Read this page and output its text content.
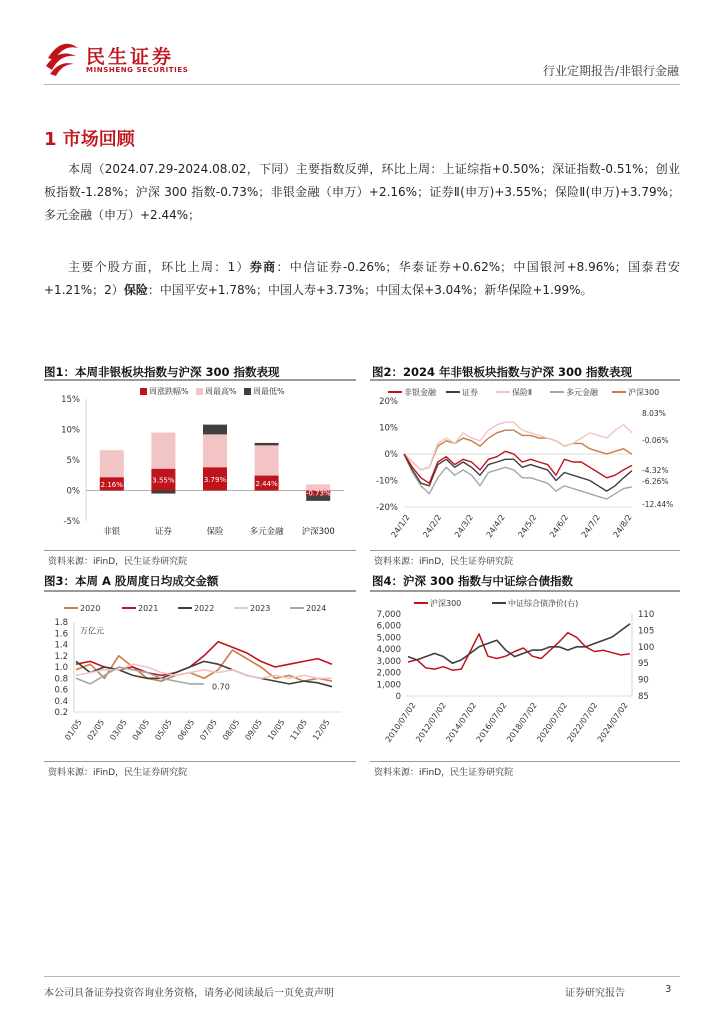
民生证券
MINSHENG SECURITIES	行业定期报告/非银行金融
1 市场回顾
本周（2024.07.29-2024.08.02，下同）主要指数反弹，环比上周：上证综指+0.50%；深证指数-0.51%；创业板指数-1.28%；沪深 300 指数-0.73%；非银金融（申万）+2.16%；证券Ⅱ(申万)+3.55%；保险Ⅱ(申万)+3.79%；多元金融（申万）+2.44%；
主要个股方面，环比上周：1）券商：中信证券-0.26%；华泰证券+0.62%；中国银河+8.96%；国泰君安+1.21%；2）保险：中国平安+1.78%；中国人寿+3.73%；中国太保+3.04%；新华保险+1.99%。
图1：本周非银板块指数与沪深 300 指数表现
周涨跌幅% 周最高% 周最低%
15%
10%
5%
0%
-5%
2.16%
非银
3.55%
证券
3.79%
保险
2.44%
多元金融
-0.73%
沪深300
资料来源：iFinD，民生证券研究院
图2：2024 年非银板块指数与沪深 300 指数表现
非银金融	证券	保险Ⅱ	多元金融	沪深300
20%
10%
0%
-10%
-20%
24/1/2 24/2/2 24/3/2 24/4/2 24/5/2 24/6/2 24/7/2 24/8/2
8.03%
-0.06%
-4.32%
-6.26%
-12.44%
资料来源：iFinD，民生证券研究院
图3：本周 A 股周度日均成交金额
2020	2021	2022	2023	2024
1.8
1.6
1.4
1.2
1.0
0.8
0.6
0.4
0.2
万亿元
0.70
01/05 02/05 03/05 04/05 05/05 06/05 07/05 08/05 09/05 10/05 11/05 12/05
资料来源：iFinD，民生证券研究院
图4：沪深 300 指数与中证综合债指数
沪深300	中证综合债净价(右)
7,000
6,000
5,000
4,000
3,000
2,000
1,000
0
110
105
100
95
90
85
2010/07/02
2012/07/02
2014/07/02
2016/07/02
2018/07/02
2020/07/02
2022/07/02
2024/07/02
资料来源：iFinD，民生证券研究院
本公司具备证券投资咨询业务资格，请务必阅读最后一页免责声明	证券研究报告	3
